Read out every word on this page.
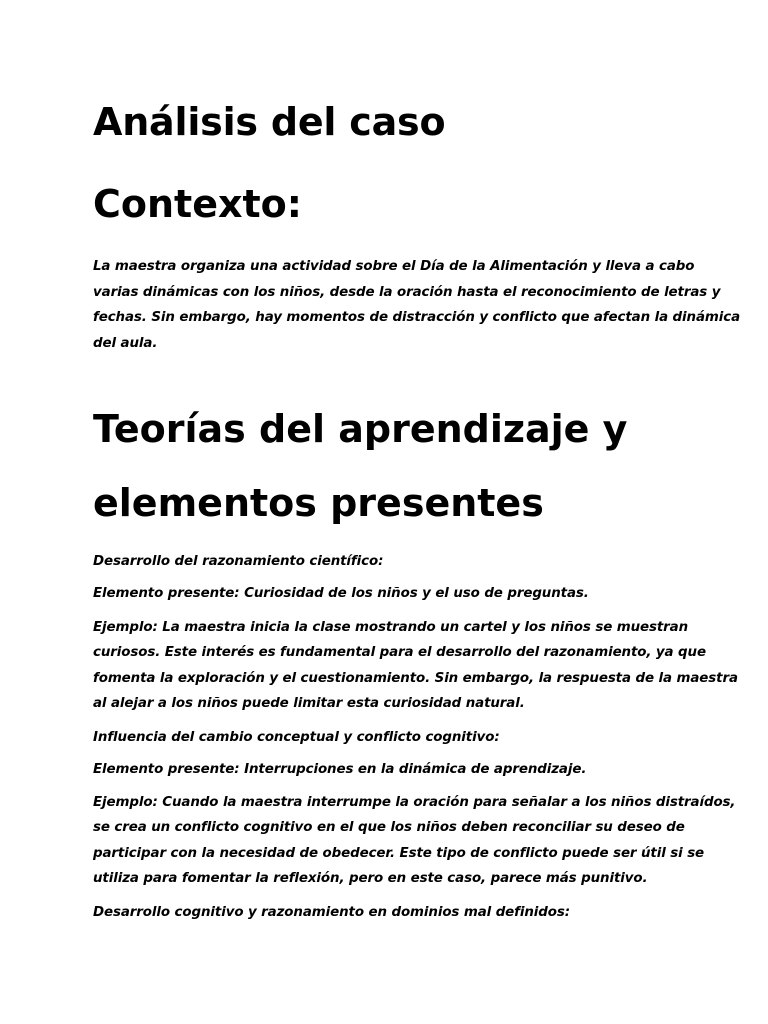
Análisis del caso
Contexto:

La maestra organiza una actividad sobre el Día de la Alimentación y lleva a cabo
varias dinámicas con los niños, desde la oración hasta el reconocimiento de letras y
fechas. Sin embargo, hay momentos de distracción y conflicto que afectan la dinámica
del aula.

Teorías del aprendizaje y
elementos presentes

Desarrollo del razonamiento científico:

Elemento presente: Curiosidad de los niños y el uso de preguntas.

Ejemplo: La maestra inicia la clase mostrando un cartel y los niños se muestran
curiosos. Este interés es fundamental para el desarrollo del razonamiento, ya que
fomenta la exploración y el cuestionamiento. Sin embargo, la respuesta de la maestra
al alejar a los niños puede limitar esta curiosidad natural.

Influencia del cambio conceptual y conflicto cognitivo:

Elemento presente: Interrupciones en la dinámica de aprendizaje.

Ejemplo: Cuando la maestra interrumpe la oración para señalar a los niños distraídos,
se crea un conflicto cognitivo en el que los niños deben reconciliar su deseo de
participar con la necesidad de obedecer. Este tipo de conflicto puede ser útil si se
utiliza para fomentar la reflexión, pero en este caso, parece más punitivo.

Desarrollo cognitivo y razonamiento en dominios mal definidos:
